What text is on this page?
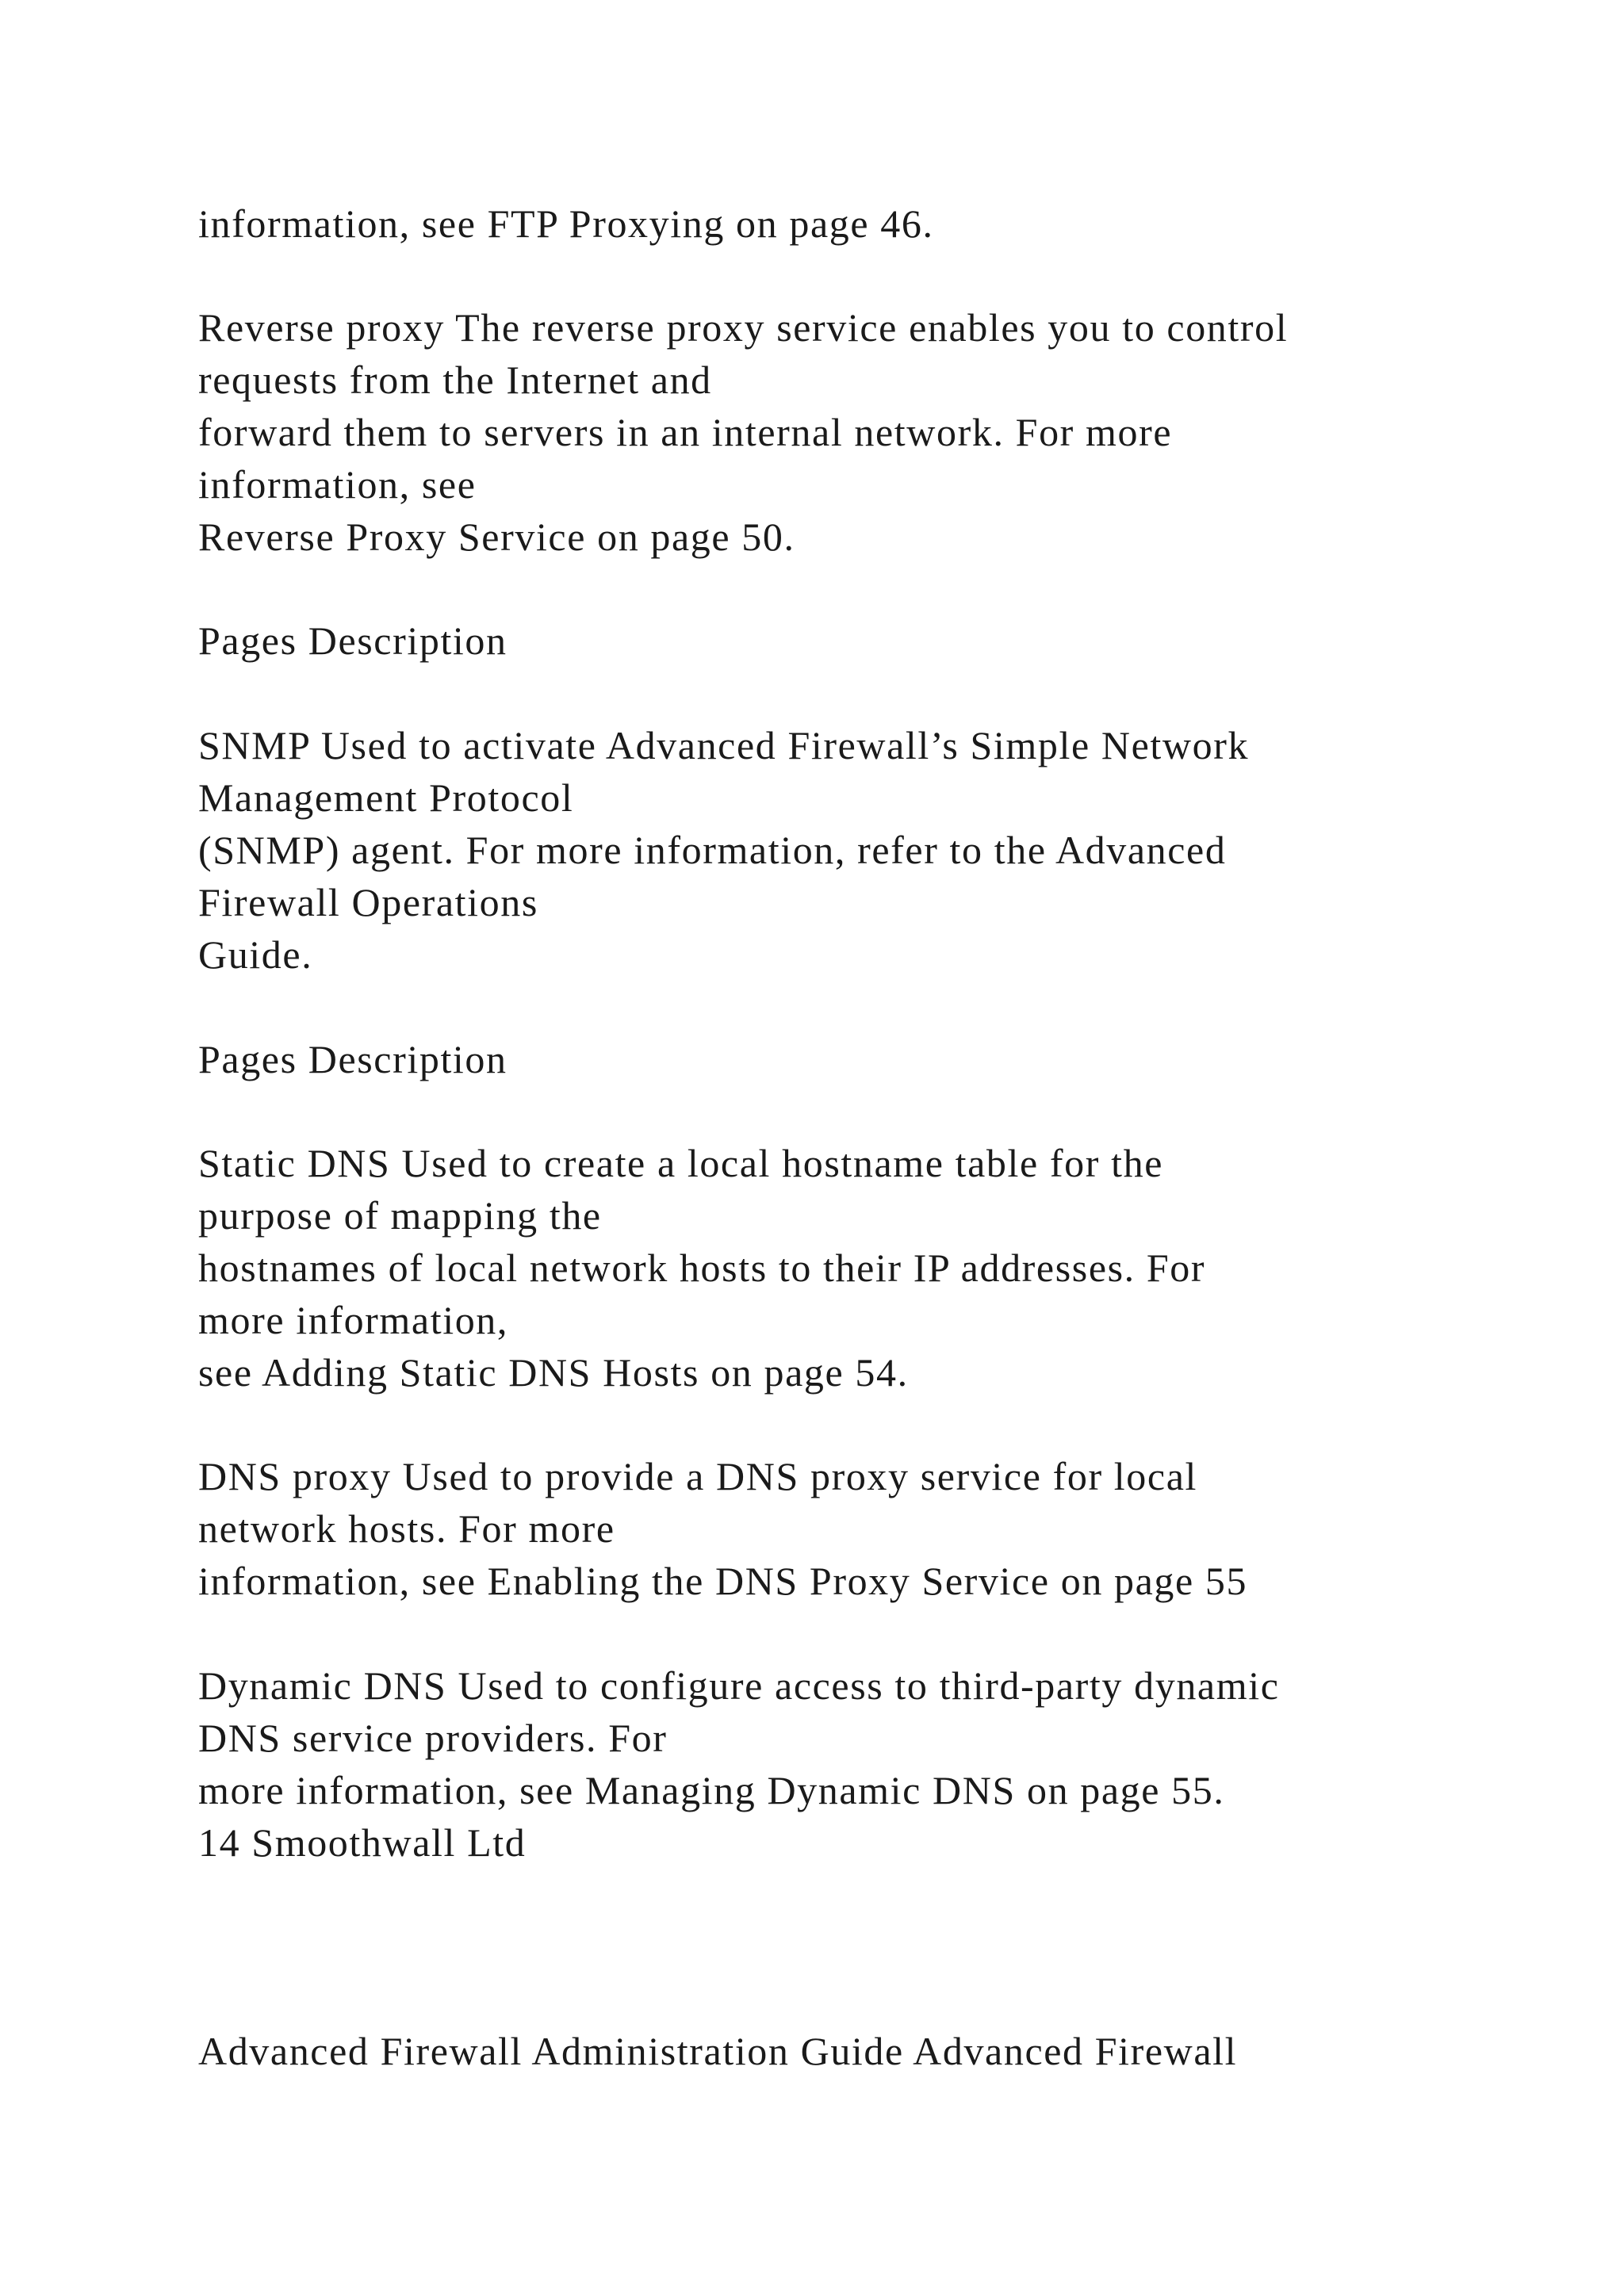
information, see FTP Proxying on page 46.

Reverse proxy The reverse proxy service enables you to control

requests from the Internet and

forward them to servers in an internal network. For more

information, see

Reverse Proxy Service on page 50.

Pages Description

SNMP Used to activate Advanced Firewall’s Simple Network

Management Protocol

(SNMP) agent. For more information, refer to the Advanced

Firewall Operations

Guide.

Pages Description

Static DNS Used to create a local hostname table for the

purpose of mapping the

hostnames of local network hosts to their IP addresses. For

more information,

see Adding Static DNS Hosts on page 54.

DNS proxy Used to provide a DNS proxy service for local

network hosts. For more

information, see Enabling the DNS Proxy Service on page 55

Dynamic DNS Used to configure access to third-party dynamic

DNS service providers. For

more information, see Managing Dynamic DNS on page 55.

14 Smoothwall Ltd

Advanced Firewall Administration Guide Advanced Firewall
